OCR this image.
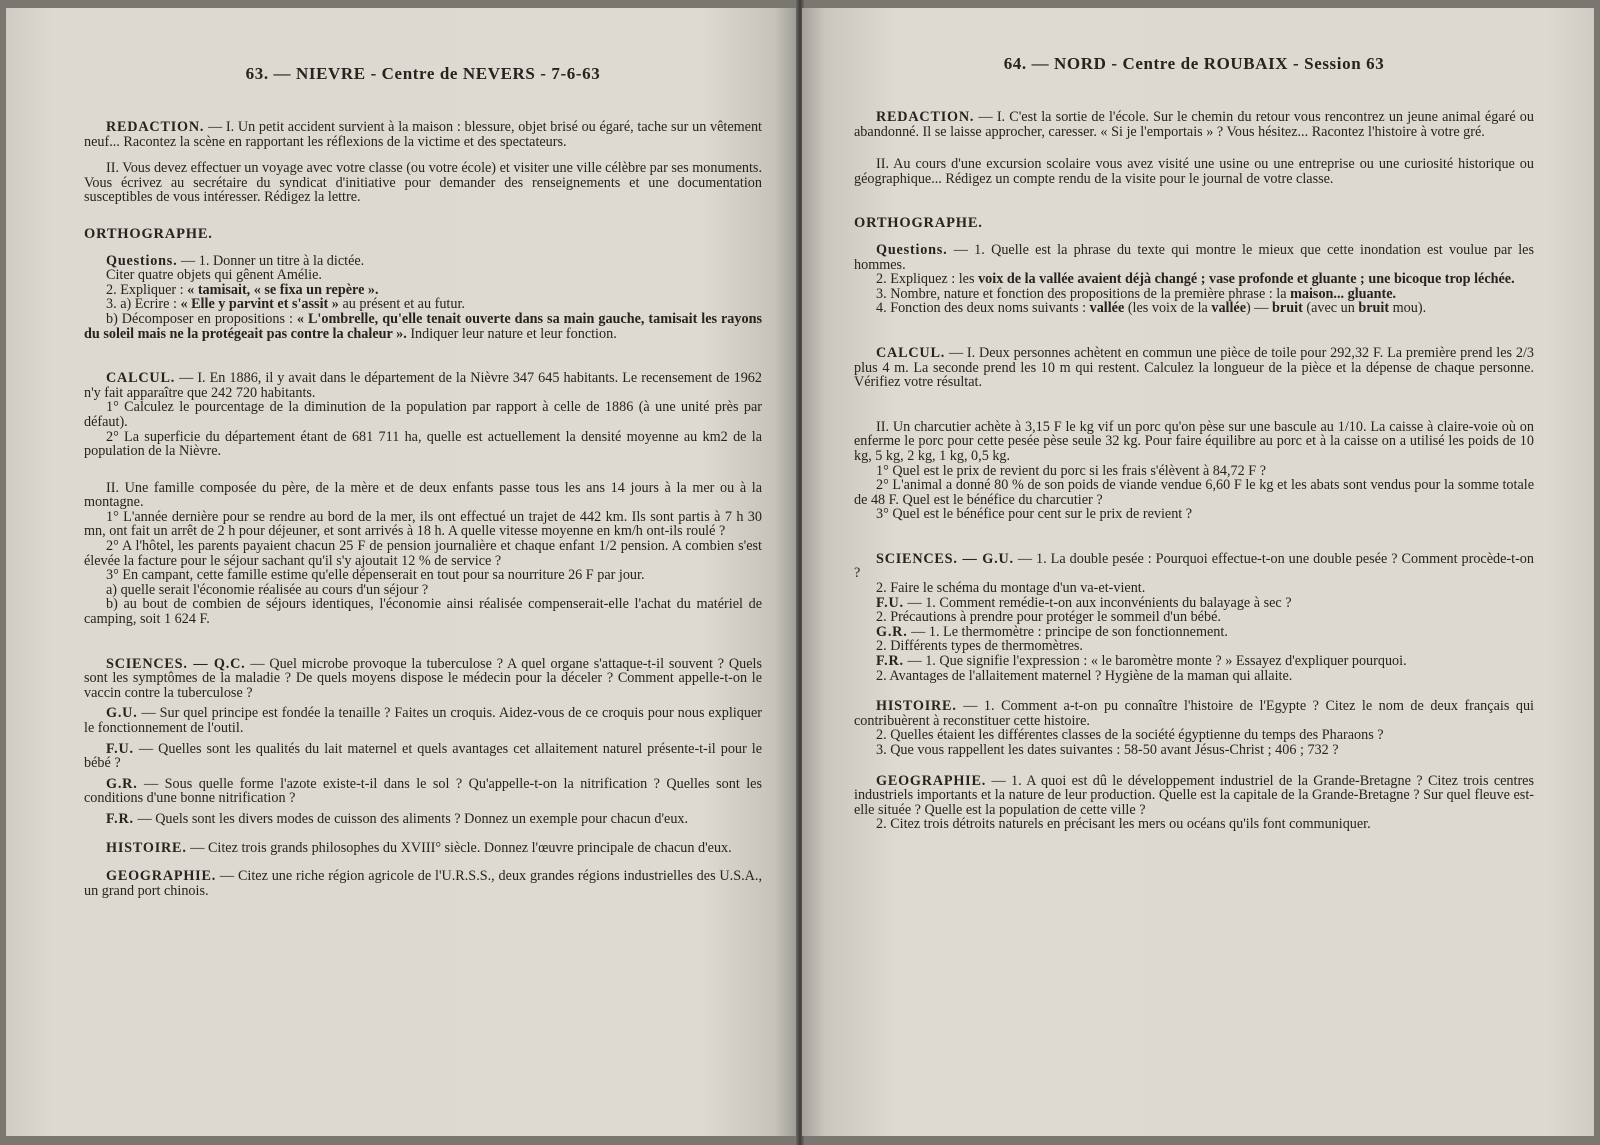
63. — NIEVRE - Centre de NEVERS - 7-6-63

REDACTION. — I. Un petit accident survient à la maison : blessure, objet brisé ou égaré, tache sur un vêtement neuf... Racontez la scène en rapportant les réflexions de la victime et des spectateurs.

II. Vous devez effectuer un voyage avec votre classe (ou votre école) et visiter une ville célèbre par ses monuments. Vous écrivez au secrétaire du syndicat d'initiative pour demander des renseignements et une documentation susceptibles de vous intéresser. Rédigez la lettre.

ORTHOGRAPHE.

Questions. — 1. Donner un titre à la dictée.

Citer quatre objets qui gênent Amélie.

2. Expliquer : « tamisait, « se fixa un repère ».

3. a) Ecrire : « Elle y parvint et s'assit » au présent et au futur.

b) Décomposer en propositions : « L'ombrelle, qu'elle tenait ouverte dans sa main gauche, tamisait les rayons du soleil mais ne la protégeait pas contre la chaleur ». Indiquer leur nature et leur fonction.

CALCUL. — I. En 1886, il y avait dans le département de la Nièvre 347 645 habitants. Le recensement de 1962 n'y fait apparaître que 242 720 habitants.

1° Calculez le pourcentage de la diminution de la population par rapport à celle de 1886 (à une unité près par défaut).

2° La superficie du département étant de 681 711 ha, quelle est actuellement la densité moyenne au km2 de la population de la Nièvre.

II. Une famille composée du père, de la mère et de deux enfants passe tous les ans 14 jours à la mer ou à la montagne.

1° L'année dernière pour se rendre au bord de la mer, ils ont effectué un trajet de 442 km. Ils sont partis à 7 h 30 mn, ont fait un arrêt de 2 h pour déjeuner, et sont arrivés à 18 h. A quelle vitesse moyenne en km/h ont-ils roulé ?

2° A l'hôtel, les parents payaient chacun 25 F de pension journalière et chaque enfant 1/2 pension. A combien s'est élevée la facture pour le séjour sachant qu'il s'y ajoutait 12 % de service ?

3° En campant, cette famille estime qu'elle dépenserait en tout pour sa nourriture 26 F par jour.

a) quelle serait l'économie réalisée au cours d'un séjour ?

b) au bout de combien de séjours identiques, l'économie ainsi réalisée compenserait-elle l'achat du matériel de camping, soit 1 624 F.

SCIENCES. — Q.C. — Quel microbe provoque la tuberculose ? A quel organe s'attaque-t-il souvent ? Quels sont les symptômes de la maladie ? De quels moyens dispose le médecin pour la déceler ? Comment appelle-t-on le vaccin contre la tuberculose ?

G.U. — Sur quel principe est fondée la tenaille ? Faites un croquis. Aidez-vous de ce croquis pour nous expliquer le fonctionnement de l'outil.

F.U. — Quelles sont les qualités du lait maternel et quels avantages cet allaitement naturel présente-t-il pour le bébé ?

G.R. — Sous quelle forme l'azote existe-t-il dans le sol ? Qu'appelle-t-on la nitrification ? Quelles sont les conditions d'une bonne nitrification ?

F.R. — Quels sont les divers modes de cuisson des aliments ? Donnez un exemple pour chacun d'eux.

HISTOIRE. — Citez trois grands philosophes du XVIII° siècle. Donnez l'œuvre principale de chacun d'eux.

GEOGRAPHIE. — Citez une riche région agricole de l'U.R.S.S., deux grandes régions industrielles des U.S.A., un grand port chinois.

64. — NORD - Centre de ROUBAIX - Session 63

REDACTION. — I. C'est la sortie de l'école. Sur le chemin du retour vous rencontrez un jeune animal égaré ou abandonné. Il se laisse approcher, caresser. « Si je l'emportais » ? Vous hésitez... Racontez l'histoire à votre gré.

II. Au cours d'une excursion scolaire vous avez visité une usine ou une entreprise ou une curiosité historique ou géographique... Rédigez un compte rendu de la visite pour le journal de votre classe.

ORTHOGRAPHE.

Questions. — 1. Quelle est la phrase du texte qui montre le mieux que cette inondation est voulue par les hommes.

2. Expliquez : les voix de la vallée avaient déjà changé ; vase profonde et gluante ; une bicoque trop léchée.

3. Nombre, nature et fonction des propositions de la première phrase : la maison... gluante.

4. Fonction des deux noms suivants : vallée (les voix de la vallée) — bruit (avec un bruit mou).

CALCUL. — I. Deux personnes achètent en commun une pièce de toile pour 292,32 F. La première prend les 2/3 plus 4 m. La seconde prend les 10 m qui restent. Calculez la longueur de la pièce et la dépense de chaque personne. Vérifiez votre résultat.

II. Un charcutier achète à 3,15 F le kg vif un porc qu'on pèse sur une bascule au 1/10. La caisse à claire-voie où on enferme le porc pour cette pesée pèse seule 32 kg. Pour faire équilibre au porc et à la caisse on a utilisé les poids de 10 kg, 5 kg, 2 kg, 1 kg, 0,5 kg.

1° Quel est le prix de revient du porc si les frais s'élèvent à 84,72 F ?

2° L'animal a donné 80 % de son poids de viande vendue 6,60 F le kg et les abats sont vendus pour la somme totale de 48 F. Quel est le bénéfice du charcutier ?

3° Quel est le bénéfice pour cent sur le prix de revient ?

SCIENCES. — G.U. — 1. La double pesée : Pourquoi effectue-t-on une double pesée ? Comment procède-t-on ?

2. Faire le schéma du montage d'un va-et-vient.

F.U. — 1. Comment remédie-t-on aux inconvénients du balayage à sec ?

2. Précautions à prendre pour protéger le sommeil d'un bébé.

G.R. — 1. Le thermomètre : principe de son fonctionnement.

2. Différents types de thermomètres.

F.R. — 1. Que signifie l'expression : « le baromètre monte ? » Essayez d'expliquer pourquoi.

2. Avantages de l'allaitement maternel ? Hygiène de la maman qui allaite.

HISTOIRE. — 1. Comment a-t-on pu connaître l'histoire de l'Egypte ? Citez le nom de deux français qui contribuèrent à reconstituer cette histoire.

2. Quelles étaient les différentes classes de la société égyptienne du temps des Pharaons ?

3. Que vous rappellent les dates suivantes : 58-50 avant Jésus-Christ ; 406 ; 732 ?

GEOGRAPHIE. — 1. A quoi est dû le développement industriel de la Grande-Bretagne ? Citez trois centres industriels importants et la nature de leur production. Quelle est la capitale de la Grande-Bretagne ? Sur quel fleuve est-elle située ? Quelle est la population de cette ville ?

2. Citez trois détroits naturels en précisant les mers ou océans qu'ils font communiquer.
